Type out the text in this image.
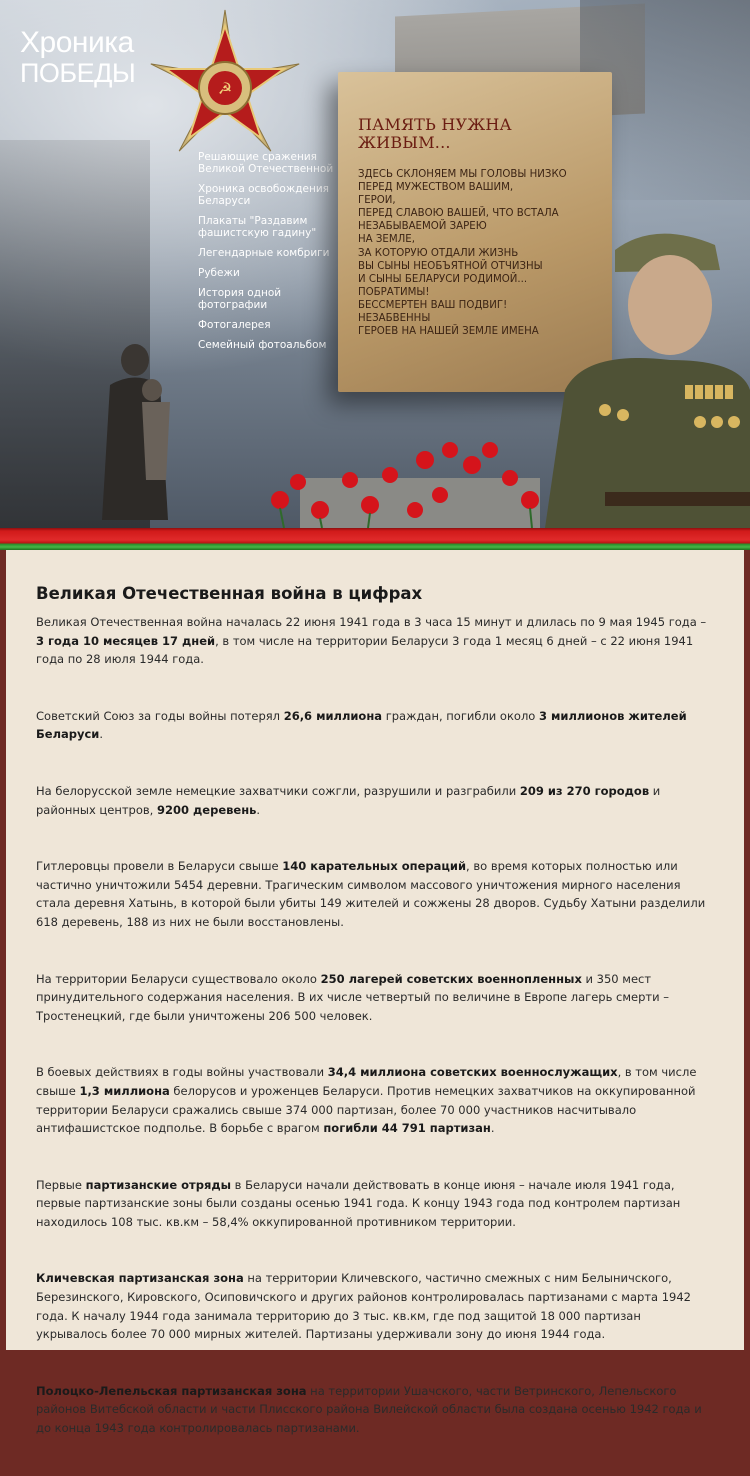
Хроника
ПОБЕДЫ
☭
Решающие сражения Великой Отечественной
Хроника освобождения Беларуси
Плакаты "Раздавим фашистскую гадину"
Легендарные комбриги
Рубежи
История одной фотографии
Фотогалерея
Семейный фотоальбом
ПАМЯТЬ НУЖНА ЖИВЫМ...
ЗДЕСЬ СКЛОНЯЕМ МЫ ГОЛОВЫ НИЗКО
ПЕРЕД МУЖЕСТВОМ ВАШИМ,
ГЕРОИ,
ПЕРЕД СЛАВОЮ ВАШЕЙ, ЧТО ВСТАЛА
НЕЗАБЫВАЕМОЙ ЗАРЕЮ
НА ЗЕМЛЕ,
ЗА КОТОРУЮ ОТДАЛИ ЖИЗНЬ
ВЫ СЫНЫ НЕОБЪЯТНОЙ ОТЧИЗНЫ
И СЫНЫ БЕЛАРУСИ РОДИМОЙ...
ПОБРАТИМЫ!
БЕССМЕРТЕН ВАШ ПОДВИГ!
НЕЗАБВЕННЫ
ГЕРОЕВ НА НАШЕЙ ЗЕМЛЕ ИМЕНА
Великая Отечественная война в цифрах

Великая Отечественная война началась 22 июня 1941 года в 3 часа 15 минут и длилась по 9 мая 1945 года – 3 года 10 месяцев 17 дней, в том числе на территории Беларуси 3 года 1 месяц 6 дней – с 22 июня 1941 года по 28 июля 1944 года.

Советский Союз за годы войны потерял 26,6 миллиона граждан, погибли около 3 миллионов жителей Беларуси.

На белорусской земле немецкие захватчики сожгли, разрушили и разграбили 209 из 270 городов и районных центров, 9200 деревень.

Гитлеровцы провели в Беларуси свыше 140 карательных операций, во время которых полностью или частично уничтожили 5454 деревни. Трагическим символом массового уничтожения мирного населения стала деревня Хатынь, в которой были убиты 149 жителей и сожжены 28 дворов. Судьбу Хатыни разделили 618 деревень, 188 из них не были восстановлены.

На территории Беларуси существовало около 250 лагерей советских военнопленных и 350 мест принудительного содержания населения. В их числе четвертый по величине в Европе лагерь смерти – Тростенецкий, где были уничтожены 206 500 человек.

В боевых действиях в годы войны участвовали 34,4 миллиона советских военнослужащих, в том числе свыше 1,3 миллиона белорусов и уроженцев Беларуси. Против немецких захватчиков на оккупированной территории Беларуси сражались свыше 374 000 партизан, более 70 000 участников насчитывало антифашистское подполье. В борьбе с врагом погибли 44 791 партизан.

Первые партизанские отряды в Беларуси начали действовать в конце июня – начале июля 1941 года, первые партизанские зоны были созданы осенью 1941 года. К концу 1943 года под контролем партизан находилось 108 тыс. кв.км – 58,4% оккупированной противником территории.

Кличевская партизанская зона на территории Кличевского, частично смежных с ним Белыничского, Березинского, Кировского, Осиповичского и других районов контролировалась партизанами с марта 1942 года. К началу 1944 года занимала территорию до 3 тыс. кв.км, где под защитой 18 000 партизан укрывалось более 70 000 мирных жителей. Партизаны удерживали зону до июня 1944 года.

Полоцко-Лепельская партизанская зона на территории Ушачского, части Ветринского, Лепельского районов Витебской области и части Плисского района Вилейской области была создана осенью 1942 года и до конца 1943 года контролировалась партизанами.
